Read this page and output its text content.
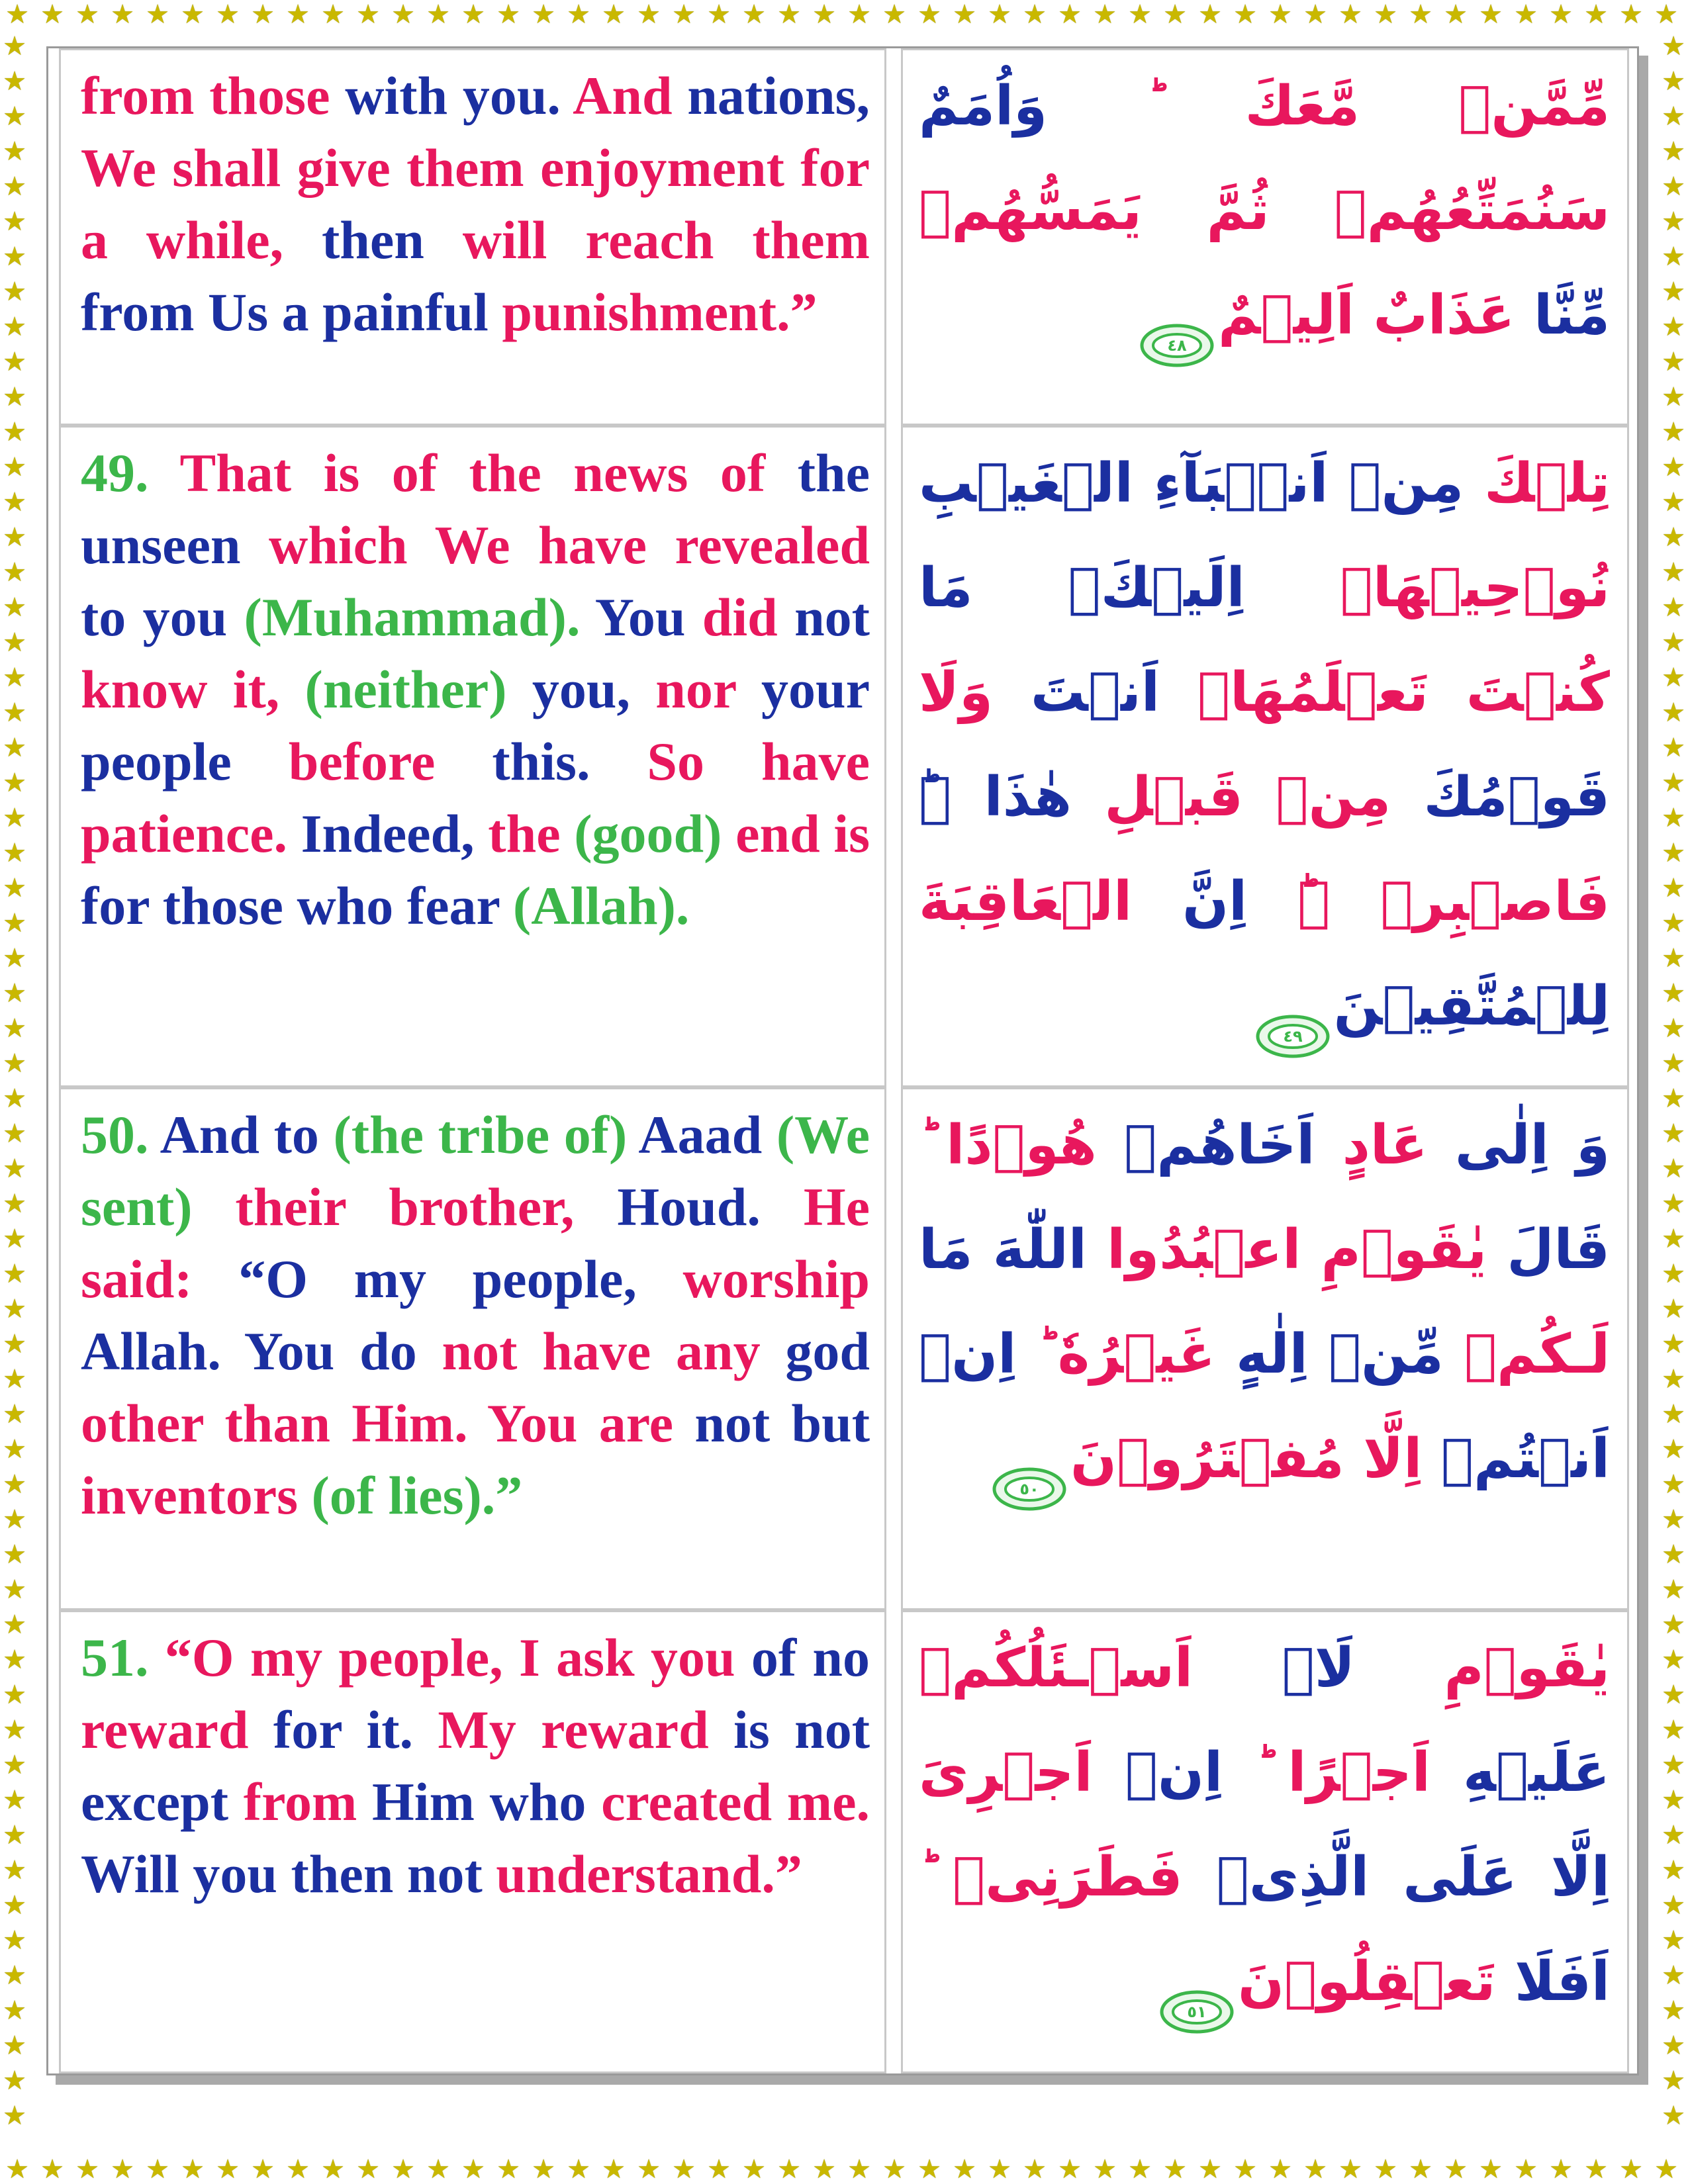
★ ★ ★ ★ ★ ★ ★ ★ ★ ★ ★ ★ ★ ★ ★ ★ ★ ★ ★ ★ ★ ★ ★ ★ ★ ★ ★ ★ ★ ★ ★ ★ ★ ★ ★ ★ ★ ★ ★ ★ ★ ★ ★ ★ ★ ★ ★ ★
★ ★ ★ ★ ★ ★ ★ ★ ★ ★ ★ ★ ★ ★ ★ ★ ★ ★ ★ ★ ★ ★ ★ ★ ★ ★ ★ ★ ★ ★ ★ ★ ★ ★ ★ ★ ★ ★ ★ ★ ★ ★ ★ ★ ★ ★ ★ ★
★
★
★
★
★
★
★
★
★
★
★
★
★
★
★
★
★
★
★
★
★
★
★
★
★
★
★
★
★
★
★
★
★
★
★
★
★
★
★
★
★
★
★
★
★
★
★
★
★
★
★
★
★
★
★
★
★
★
★
★
★
★
★
★
★
★
★
★
★
★
★
★
★
★
★
★
★
★
★
★
★
★
★
★
★
★
★
★
★
★
★
★
★
★
★
★
★
★
★
★
★
★
★
★
★
★
★
★
★
★
★
★
★
★
★
★
★
★
★
★

from those with you. And nations, We shall give them enjoyment for a while, then will reach them from Us a painful punishment.”

مِّمَّنۡ مَّعَكَ‌ ؕ وَاُمَمٌ سَنُمَتِّعُهُمۡ ثُمَّ يَمَسُّهُمۡ مِّنَّا عَذَابٌ اَلِيۡمٌ
٤٨

49. That is of the news of the unseen which We have revealed to you (Muhammad). You did not know it, (neither) you, nor your people before this. So have patience. Indeed, the (good) end is for those who fear (Allah).

تِلۡكَ مِنۡ اَنۡۢبَآءِ الۡغَيۡبِ نُوۡحِيۡهَاۤ اِلَيۡكَ‌ۚ مَا كُنۡتَ تَعۡلَمُهَاۤ اَنۡتَ وَلَا قَوۡمُكَ مِنۡ قَبۡلِ هٰذَا‌ ۛؕ فَاصۡبِرۡ‌ ۛؕ اِنَّ الۡعَاقِبَةَ لِلۡمُتَّقِيۡنَ
٤٩

50. And to (the tribe of) Aaad (We sent) their brother, Houd. He said: “O my people, worship Allah. You do not have any god other than Him. You are not but inventors (of lies).”

وَ اِلٰى عَادٍ اَخَاهُمۡ هُوۡدًا ‌ؕ قَالَ يٰقَوۡمِ اعۡبُدُوا اللّٰهَ مَا لَـكُمۡ مِّنۡ اِلٰهٍ غَيۡرُهٗ ‌ؕ اِنۡ اَنۡتُمۡ اِلَّا مُفۡتَرُوۡنَ
٥٠

51. “O my people, I ask you of no reward for it. My reward is not except from Him who created me. Will you then not understand.”

يٰقَوۡمِ لَاۤ اَسۡـئَلُكُمۡ عَلَيۡهِ اَجۡرًا‌ ؕ اِنۡ اَجۡرِىَ اِلَّا عَلَى الَّذِىۡ فَطَرَنِىۡ‌ ؕ اَفَلَا تَعۡقِلُوۡنَ
٥١
